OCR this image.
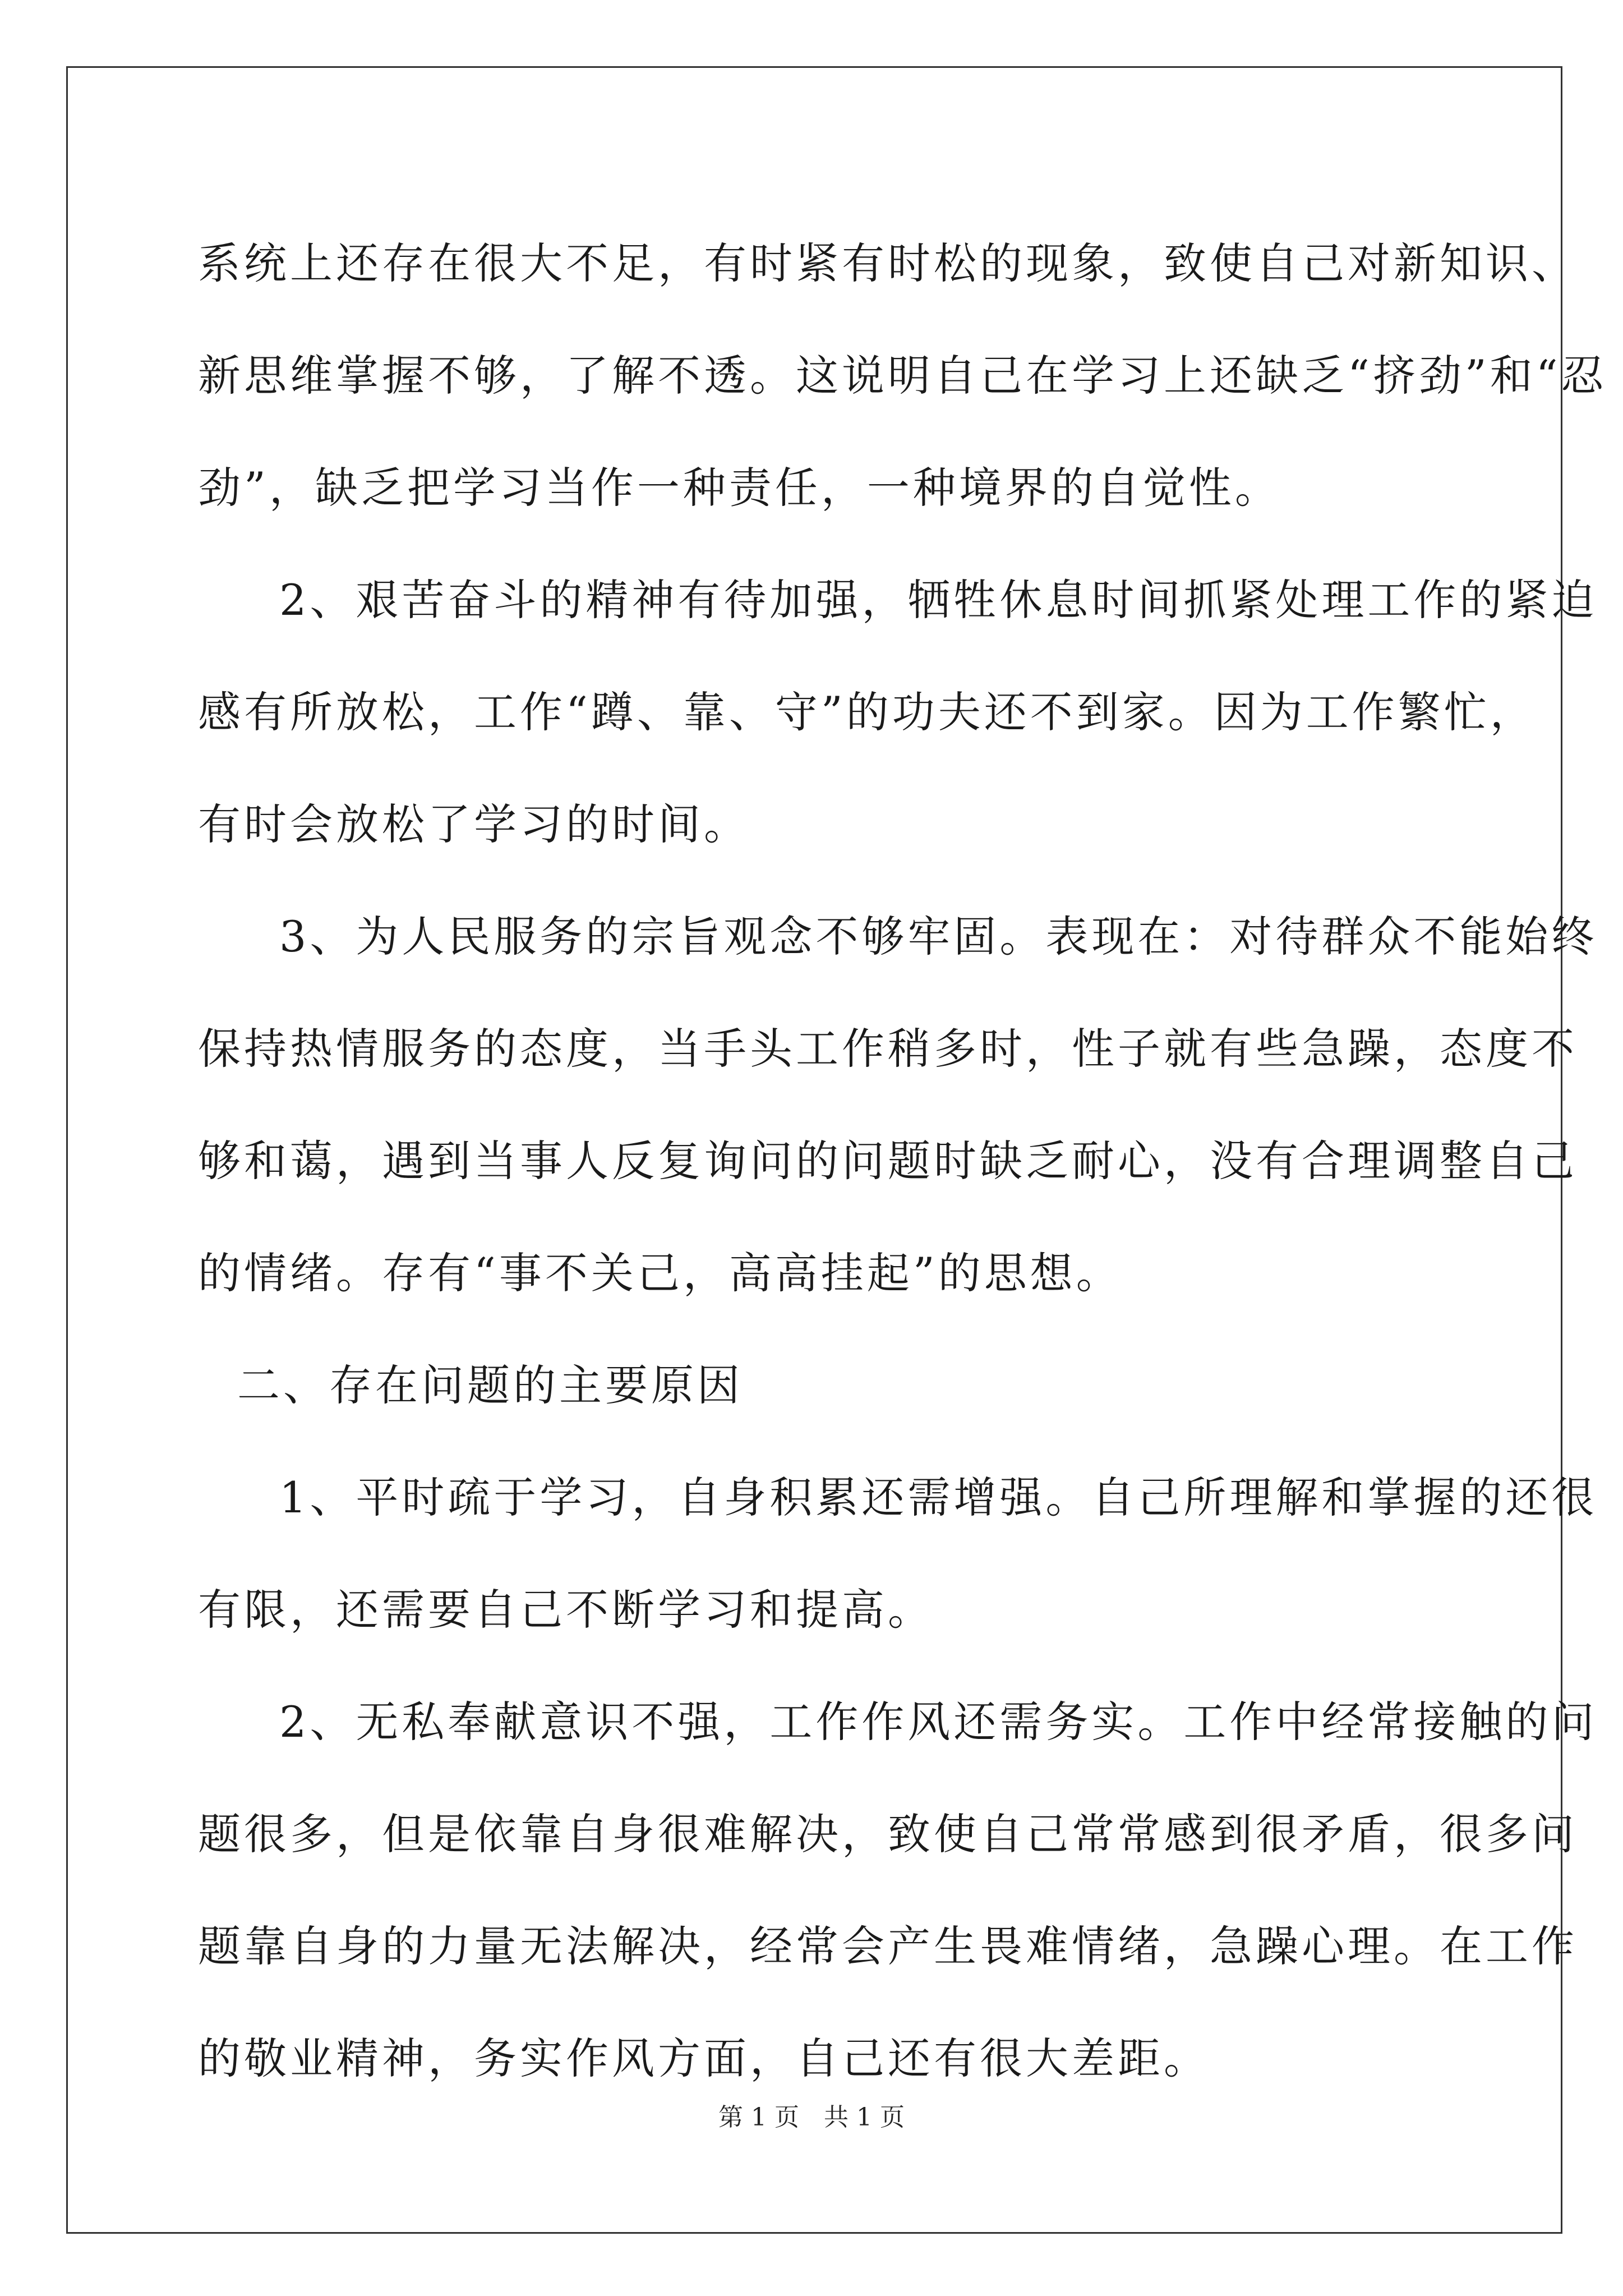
系统上还存在很大不足，有时紧有时松的现象，致使自己对新知识、
新思维掌握不够，了解不透。这说明自己在学习上还缺乏“挤劲”和“忍
劲”，缺乏把学习当作一种责任，一种境界的自觉性。
2、艰苦奋斗的精神有待加强，牺牲休息时间抓紧处理工作的紧迫
感有所放松，工作“蹲、靠、守”的功夫还不到家。因为工作繁忙，
有时会放松了学习的时间。
3、为人民服务的宗旨观念不够牢固。表现在：对待群众不能始终
保持热情服务的态度，当手头工作稍多时，性子就有些急躁，态度不
够和蔼，遇到当事人反复询问的问题时缺乏耐心，没有合理调整自己
的情绪。存有“事不关己，高高挂起”的思想。
二、存在问题的主要原因
1、平时疏于学习，自身积累还需增强。自己所理解和掌握的还很
有限，还需要自己不断学习和提高。
2、无私奉献意识不强，工作作风还需务实。工作中经常接触的问
题很多，但是依靠自身很难解决，致使自己常常感到很矛盾，很多问
题靠自身的力量无法解决，经常会产生畏难情绪，急躁心理。在工作
的敬业精神，务实作风方面，自己还有很大差距。
第 1 页　共 1 页
